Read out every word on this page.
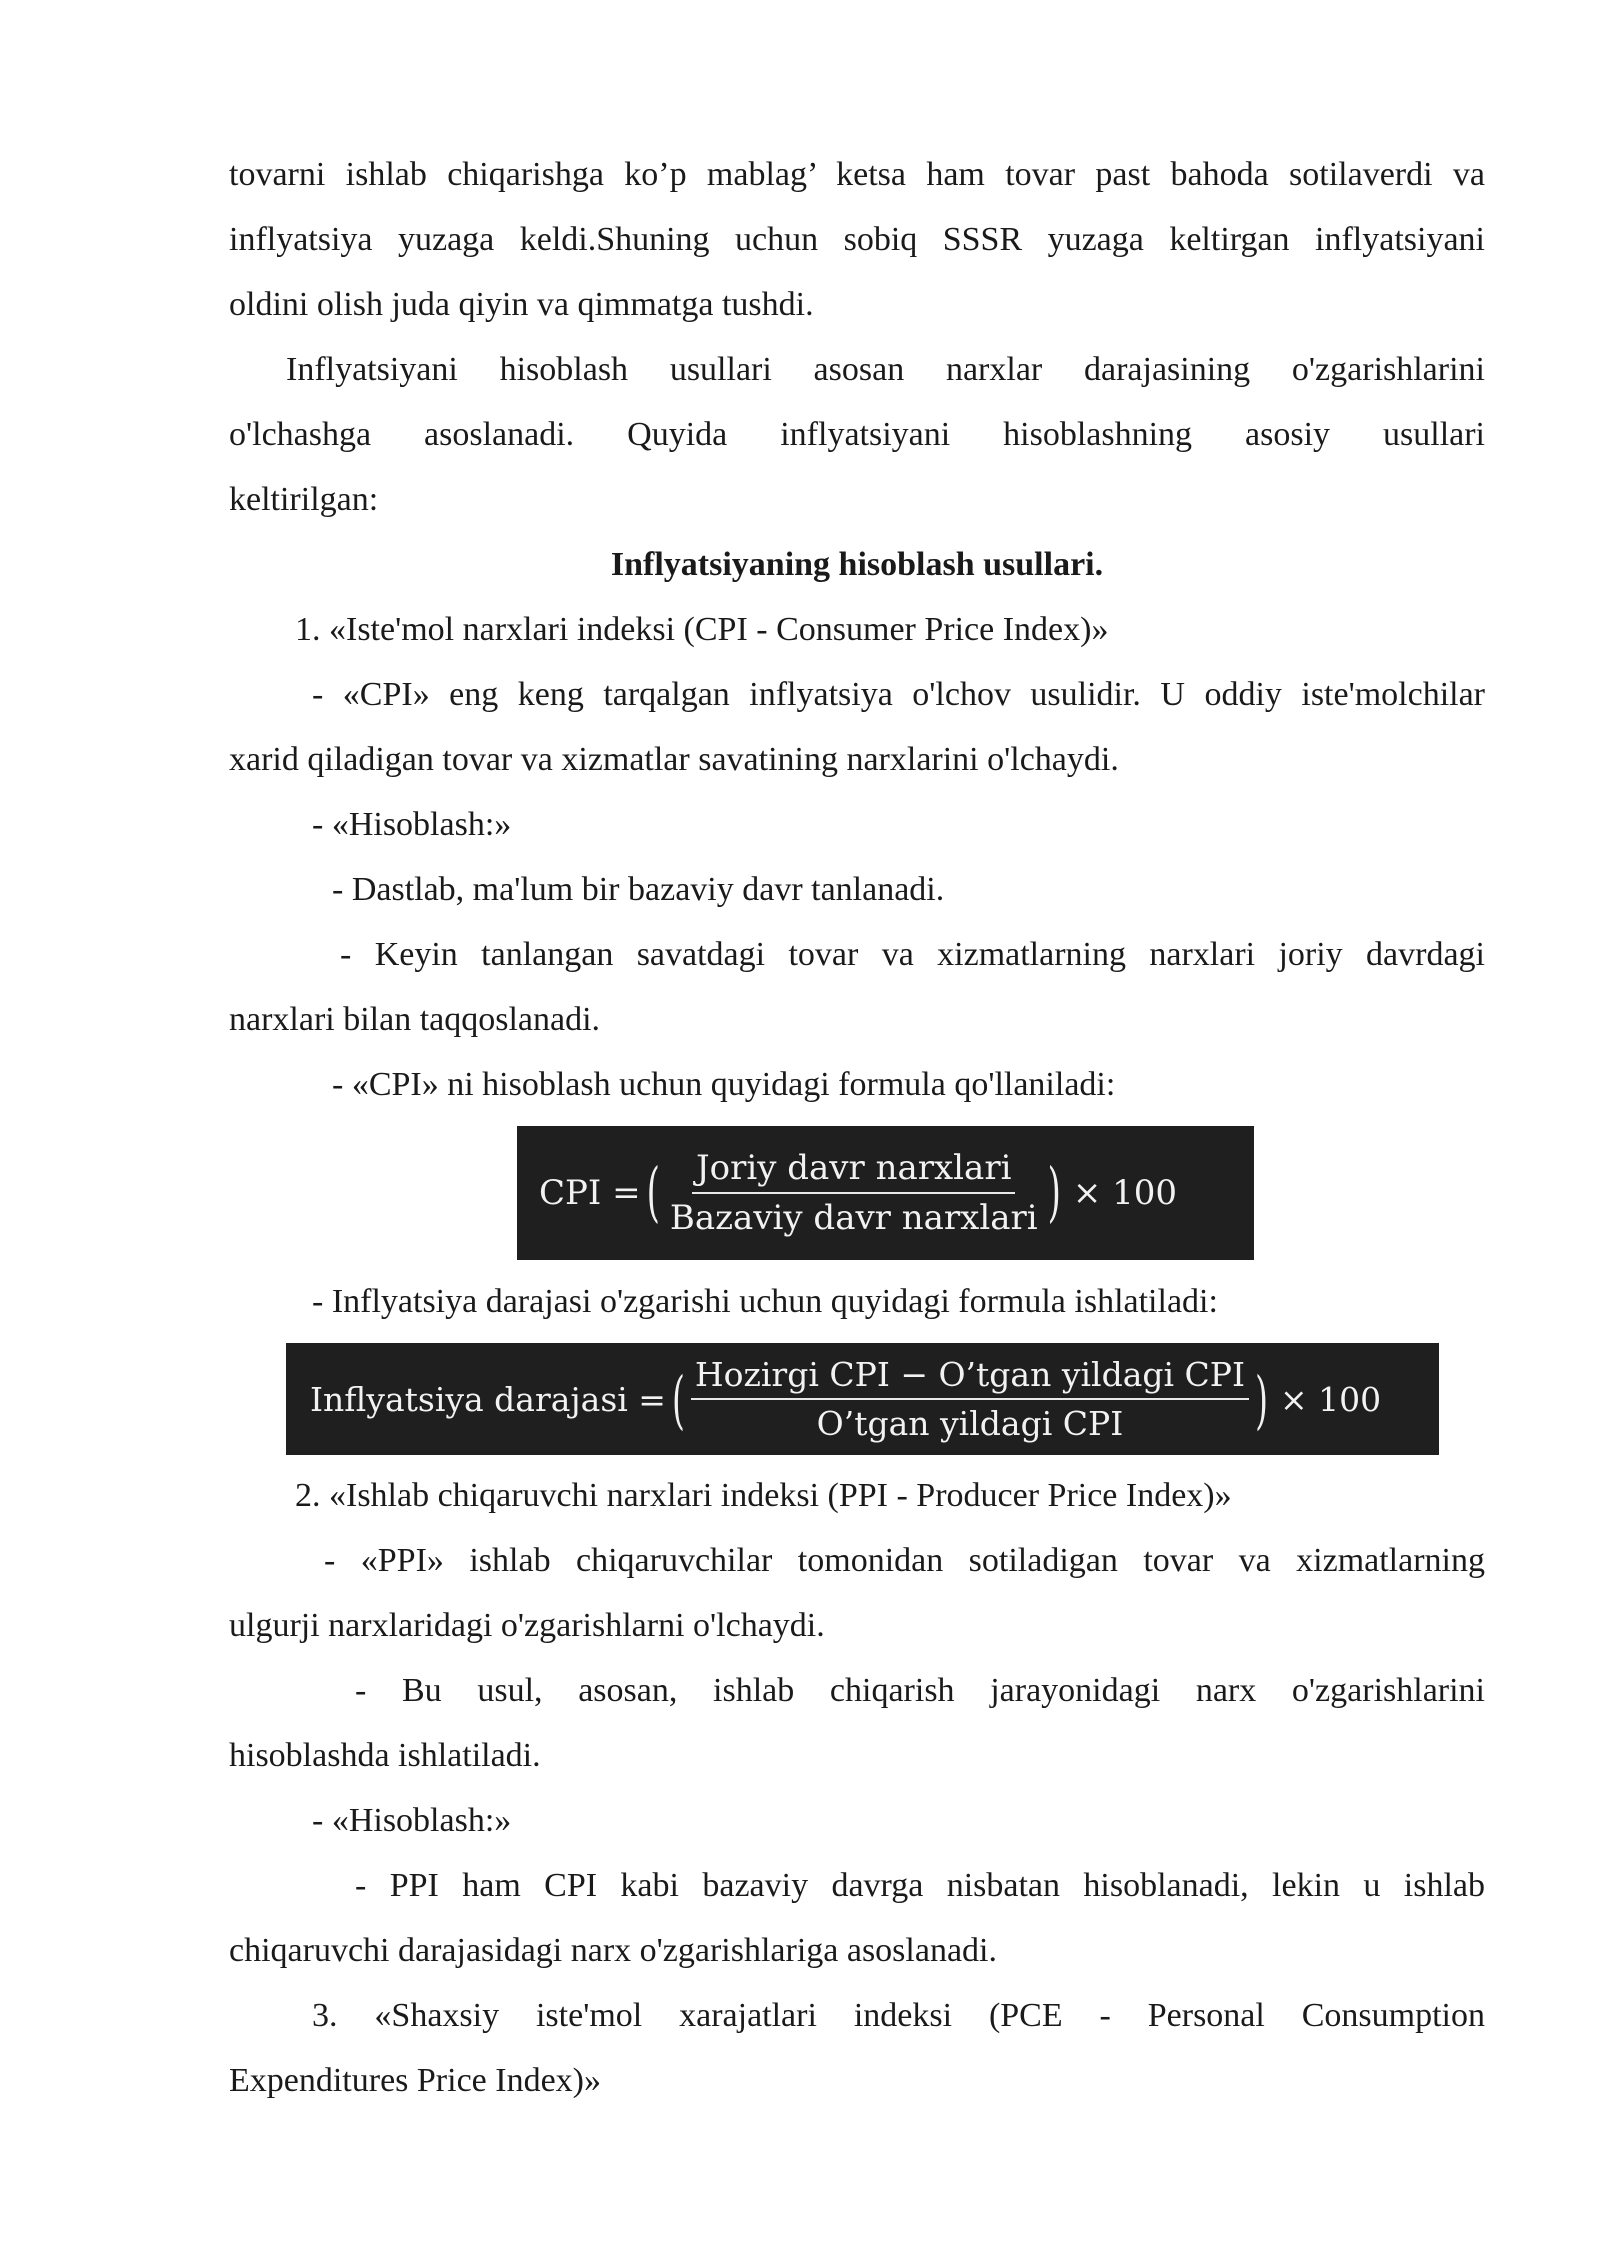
tovarni ishlab chiqarishga ko’p mablag’ ketsa ham tovar past bahoda sotilaverdi va
inflyatsiya yuzaga keldi.Shuning uchun sobiq SSSR yuzaga keltirgan inflyatsiyani
oldini olish juda qiyin va qimmatga tushdi.
Inflyatsiyani hisoblash usullari asosan narxlar darajasining o'zgarishlarini
o'lchashga asoslanadi. Quyida inflyatsiyani hisoblashning asosiy usullari
keltirilgan:
Inflyatsiyaning hisoblash usullari.
1. «Iste'mol narxlari indeksi (CPI - Consumer Price Index)»
- «CPI» eng keng tarqalgan inflyatsiya o'lchov usulidir. U oddiy iste'molchilar
xarid qiladigan tovar va xizmatlar savatining narxlarini o'lchaydi.
- «Hisoblash:»
- Dastlab, ma'lum bir bazaviy davr tanlanadi.
- Keyin tanlangan savatdagi tovar va xizmatlarning narxlari joriy davrdagi
narxlari bilan taqqoslanadi.
- «CPI» ni hisoblash uchun quyidagi formula qo'llaniladi:
CPI = ( $\frac{\text{Joriy davr narxlari}}{\text{Bazaviy davr narxlari}}$ ) × 100
- Inflyatsiya darajasi o'zgarishi uchun quyidagi formula ishlatiladi:
Inflyatsiya darajasi = ( $\frac{\text{Hozirgi CPI − O’tgan yildagi CPI}}{\text{O’tgan yildagi CPI}}$ ) × 100
2. «Ishlab chiqaruvchi narxlari indeksi (PPI - Producer Price Index)»
- «PPI» ishlab chiqaruvchilar tomonidan sotiladigan tovar va xizmatlarning
ulgurji narxlaridagi o'zgarishlarni o'lchaydi.
- Bu usul, asosan, ishlab chiqarish jarayonidagi narx o'zgarishlarini
hisoblashda ishlatiladi.
- «Hisoblash:»
- PPI ham CPI kabi bazaviy davrga nisbatan hisoblanadi, lekin u ishlab
chiqaruvchi darajasidagi narx o'zgarishlariga asoslanadi.
3. «Shaxsiy iste'mol xarajatlari indeksi (PCE - Personal Consumption
Expenditures Price Index)»
